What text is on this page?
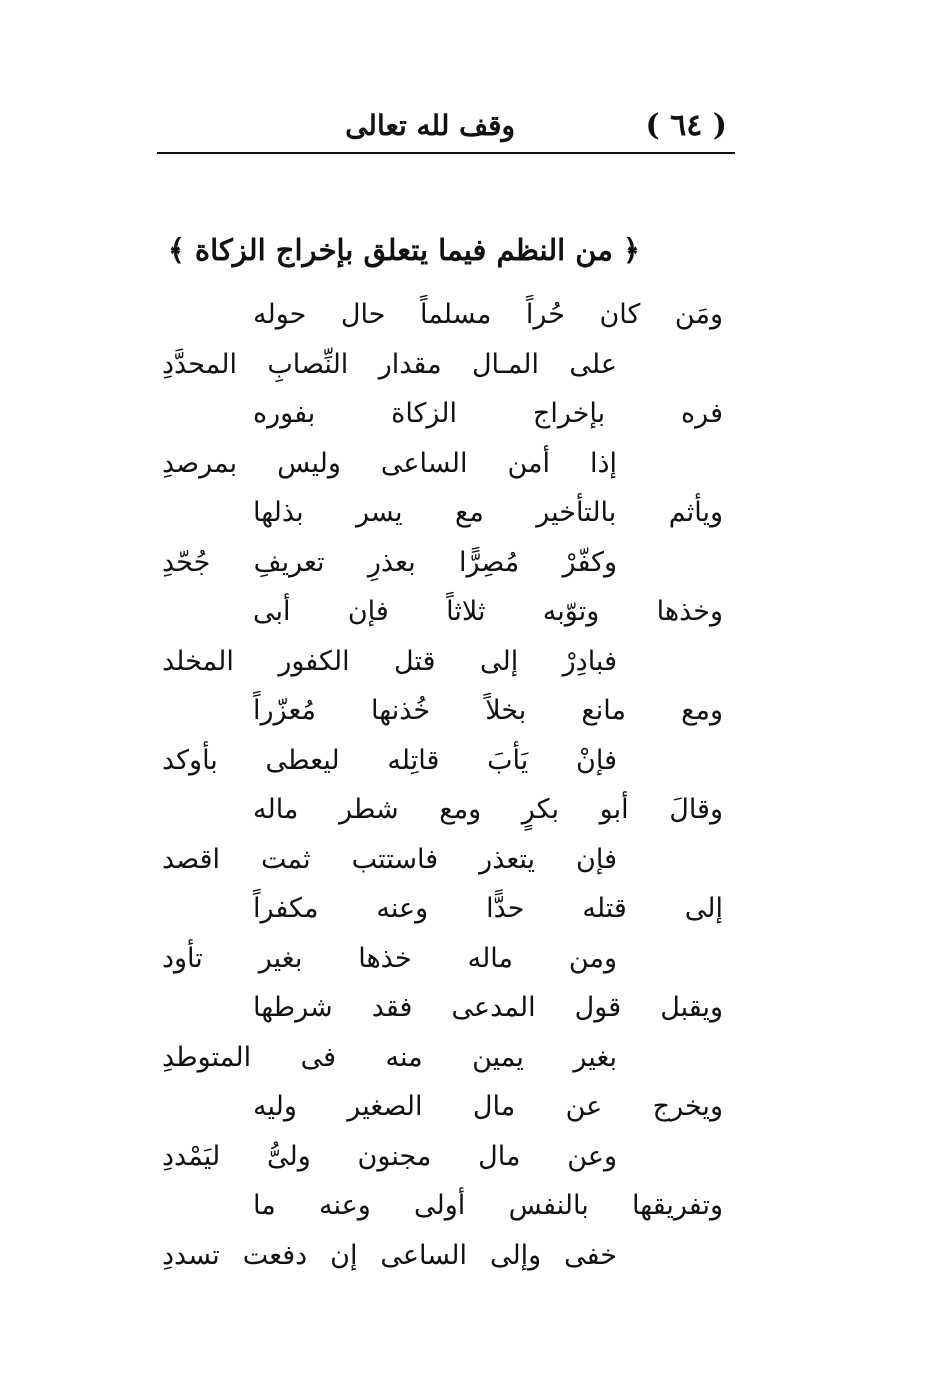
( ٦٤ )
وقف لله تعالى
﴿ من النظم فيما يتعلق بإخراج الزكاة ﴾
ومَن كان حُراً مسلماً حال حوله
على المـال مقدار النِّصابِ المحدَّدِ
فره بإخراج الزكاة بفوره
إذا أمن الساعى وليس بمرصدِ
ويأثم بالتأخير مع يسر بذلها
وكفّرْ مُصِرًّا بعذرِ تعريفِ جُحّدِ
وخذها وتوّبه ثلاثاً فإن أبى
فبادِرْ إلى قتل الكفور المخلد
ومع مانع بخلاً خُذنها مُعزّراً
فإنْ يَأبَ قاتِله ليعطى بأوكد
وقالَ أبو بكرٍ ومع شطر ماله
فإن يتعذر فاستتب ثمت اقصد
إلى قتله حدًّا وعنه مكفراً
ومن ماله خذها بغير تأود
ويقبل قول المدعى فقد شرطها
بغير يمين منه فى المتوطدِ
ويخرج عن مال الصغير وليه
وعن مال مجنون ولىُّ ليَمْددِ
وتفريقها بالنفس أولى وعنه ما
خفى وإلى الساعى إن دفعت تسددِ
